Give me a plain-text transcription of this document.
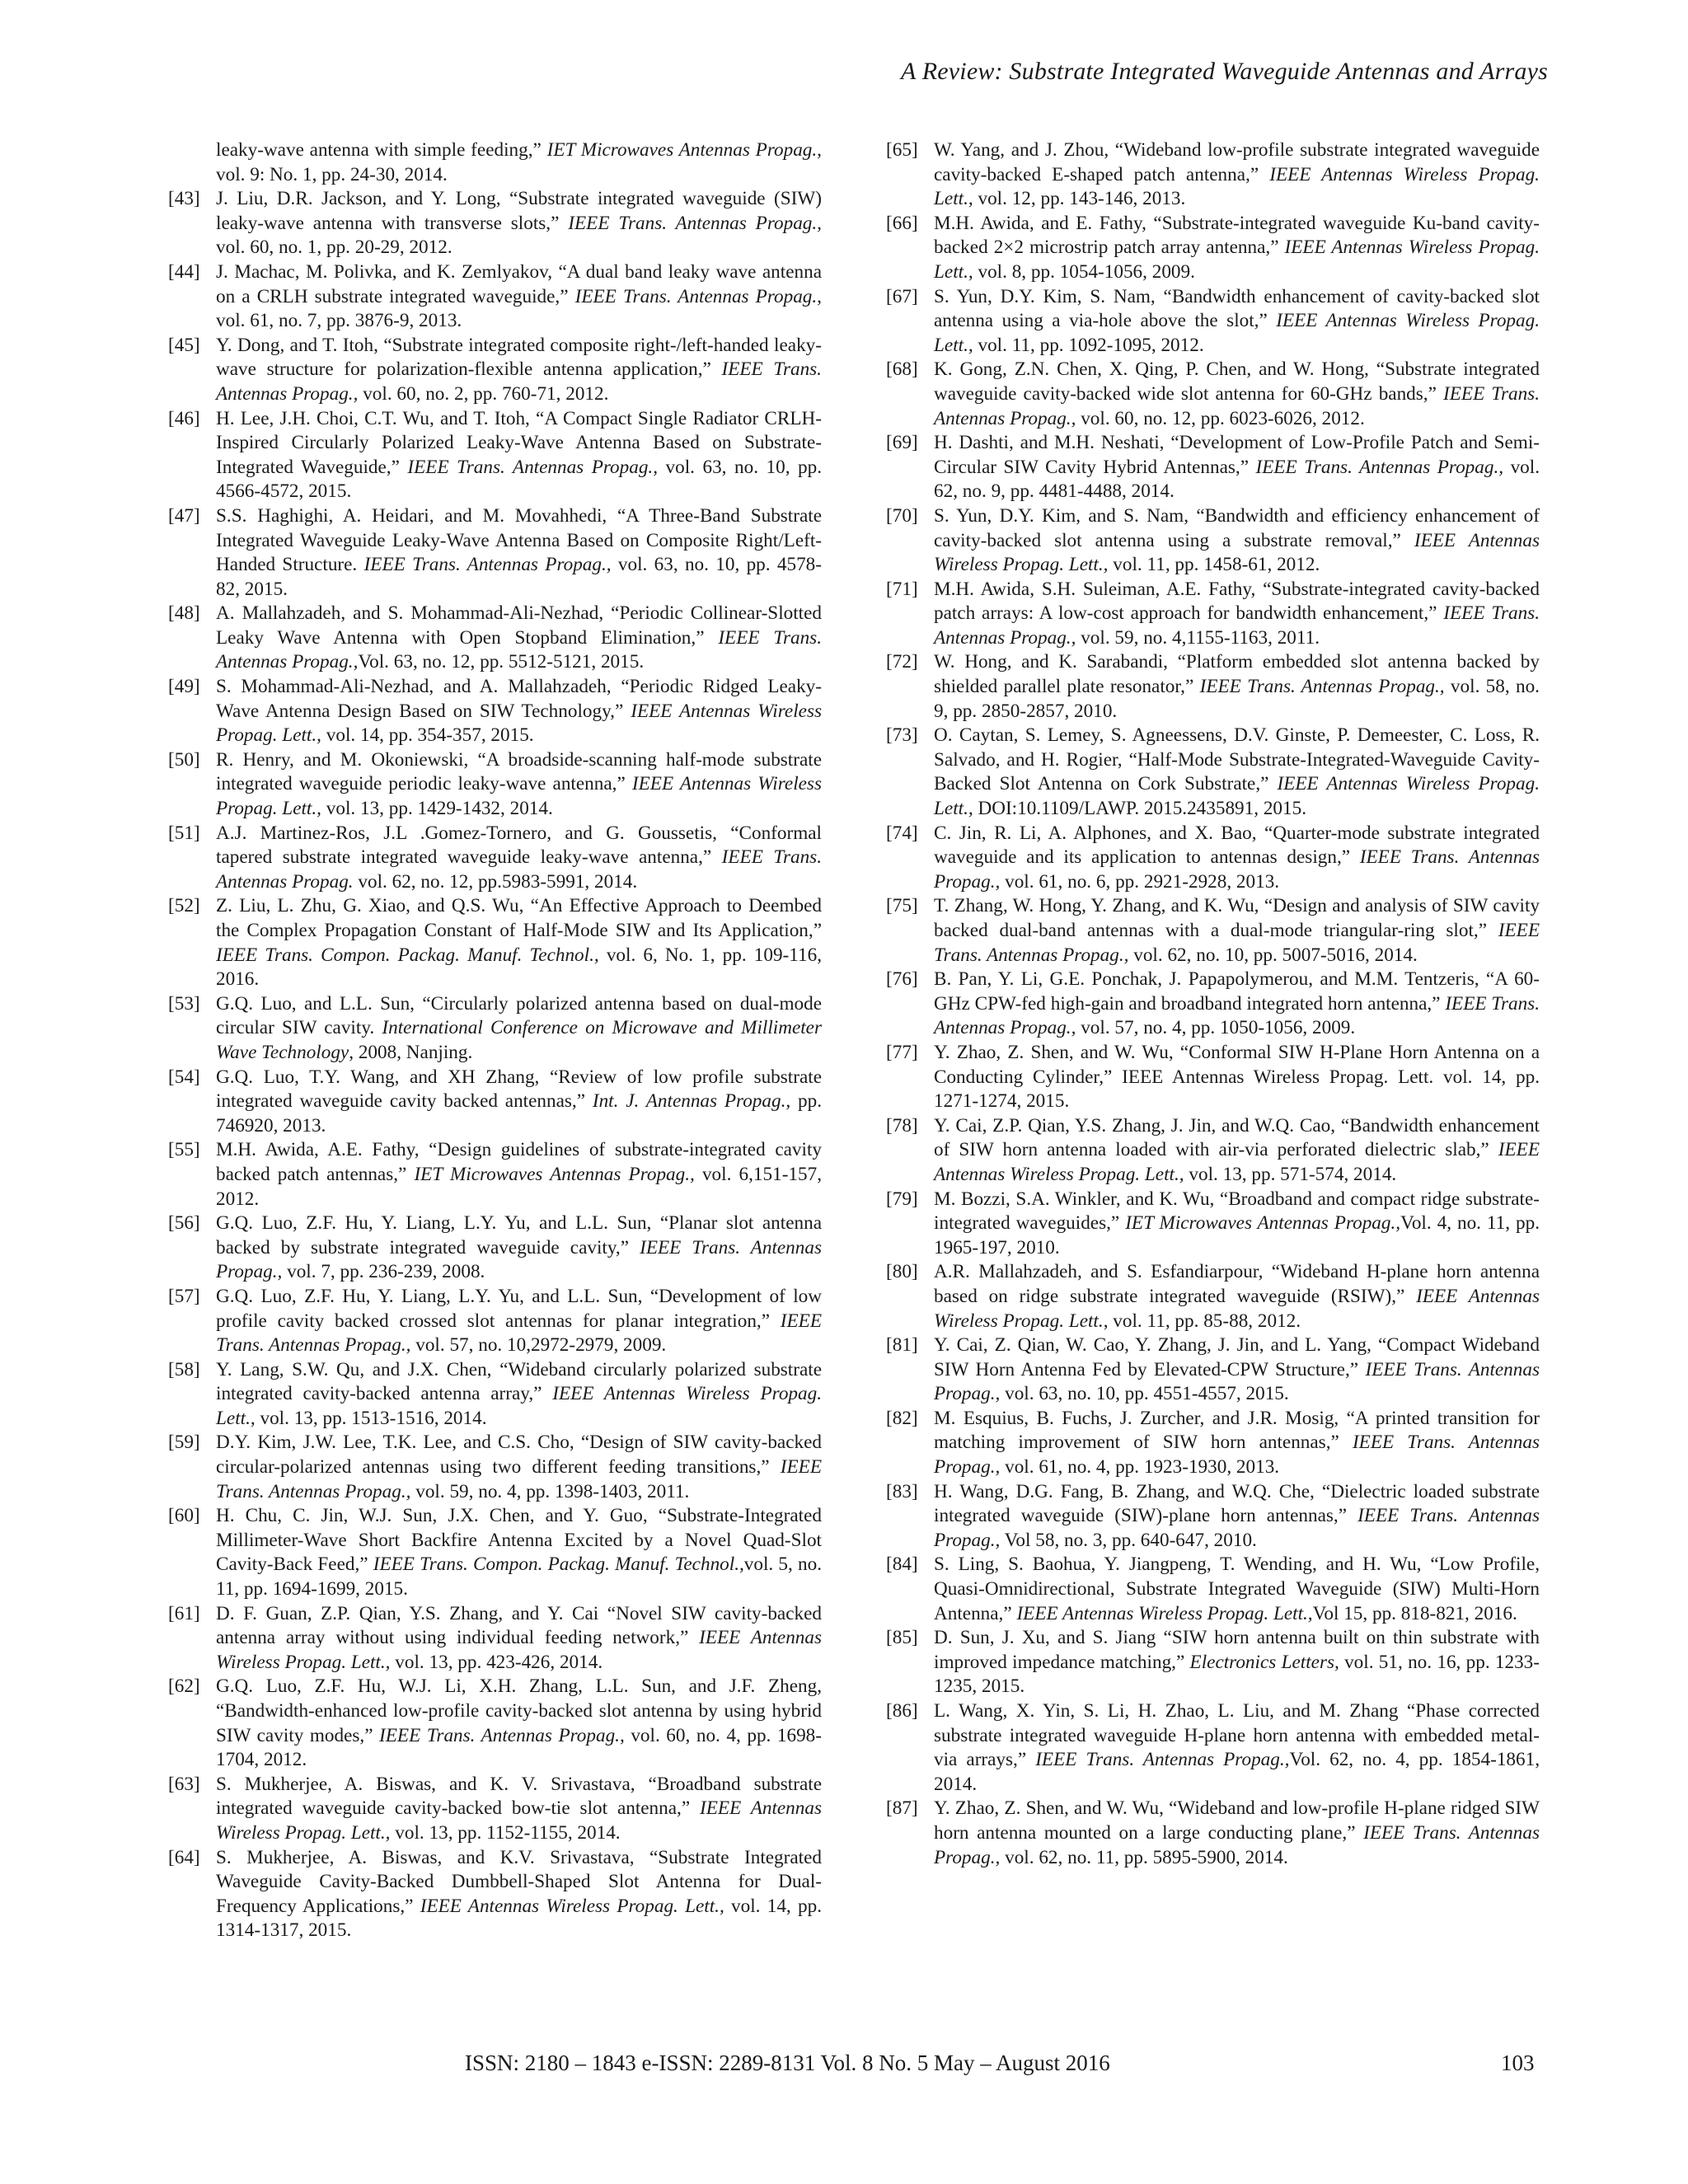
A Review: Substrate Integrated Waveguide Antennas and Arrays
leaky-wave antenna with simple feeding,” IET Microwaves Antennas Propag., vol. 9: No. 1, pp. 24-30, 2014.
[43] J. Liu, D.R. Jackson, and Y. Long, “Substrate integrated waveguide (SIW) leaky-wave antenna with transverse slots,” IEEE Trans. Antennas Propag., vol. 60, no. 1, pp. 20-29, 2012.
[44] J. Machac, M. Polivka, and K. Zemlyakov, “A dual band leaky wave antenna on a CRLH substrate integrated waveguide,” IEEE Trans. Antennas Propag., vol. 61, no. 7, pp. 3876-9, 2013.
[45] Y. Dong, and T. Itoh, “Substrate integrated composite right-/left-handed leaky-wave structure for polarization-flexible antenna application,” IEEE Trans. Antennas Propag., vol. 60, no. 2, pp. 760-71, 2012.
[46] H. Lee, J.H. Choi, C.T. Wu, and T. Itoh, “A Compact Single Radiator CRLH-Inspired Circularly Polarized Leaky-Wave Antenna Based on Substrate-Integrated Waveguide,” IEEE Trans. Antennas Propag., vol. 63, no. 10, pp. 4566-4572, 2015.
[47] S.S. Haghighi, A. Heidari, and M. Movahhedi, “A Three-Band Substrate Integrated Waveguide Leaky-Wave Antenna Based on Composite Right/Left-Handed Structure. IEEE Trans. Antennas Propag., vol. 63, no. 10, pp. 4578-82, 2015.
[48] A. Mallahzadeh, and S. Mohammad-Ali-Nezhad, “Periodic Collinear-Slotted Leaky Wave Antenna with Open Stopband Elimination,” IEEE Trans. Antennas Propag.,Vol. 63, no. 12, pp. 5512-5121, 2015.
[49] S. Mohammad-Ali-Nezhad, and A. Mallahzadeh, “Periodic Ridged Leaky-Wave Antenna Design Based on SIW Technology,” IEEE Antennas Wireless Propag. Lett., vol. 14, pp. 354-357, 2015.
[50] R. Henry, and M. Okoniewski, “A broadside-scanning half-mode substrate integrated waveguide periodic leaky-wave antenna,” IEEE Antennas Wireless Propag. Lett., vol. 13, pp. 1429-1432, 2014.
[51] A.J. Martinez-Ros, J.L .Gomez-Tornero, and G. Goussetis, “Conformal tapered substrate integrated waveguide leaky-wave antenna,” IEEE Trans. Antennas Propag. vol. 62, no. 12, pp.5983-5991, 2014.
[52] Z. Liu, L. Zhu, G. Xiao, and Q.S. Wu, “An Effective Approach to Deembed the Complex Propagation Constant of Half-Mode SIW and Its Application,” IEEE Trans. Compon. Packag. Manuf. Technol., vol. 6, No. 1, pp. 109-116, 2016.
[53] G.Q. Luo, and L.L. Sun, “Circularly polarized antenna based on dual-mode circular SIW cavity. International Conference on Microwave and Millimeter Wave Technology, 2008, Nanjing.
[54] G.Q. Luo, T.Y. Wang, and XH Zhang, “Review of low profile substrate integrated waveguide cavity backed antennas,” Int. J. Antennas Propag., pp. 746920, 2013.
[55] M.H. Awida, A.E. Fathy, “Design guidelines of substrate-integrated cavity backed patch antennas,” IET Microwaves Antennas Propag., vol. 6,151-157, 2012.
[56] G.Q. Luo, Z.F. Hu, Y. Liang, L.Y. Yu, and L.L. Sun, “Planar slot antenna backed by substrate integrated waveguide cavity,” IEEE Trans. Antennas Propag., vol. 7, pp. 236-239, 2008.
[57] G.Q. Luo, Z.F. Hu, Y. Liang, L.Y. Yu, and L.L. Sun, “Development of low profile cavity backed crossed slot antennas for planar integration,” IEEE Trans. Antennas Propag., vol. 57, no. 10,2972-2979, 2009.
[58] Y. Lang, S.W. Qu, and J.X. Chen, “Wideband circularly polarized substrate integrated cavity-backed antenna array,” IEEE Antennas Wireless Propag. Lett., vol. 13, pp. 1513-1516, 2014.
[59] D.Y. Kim, J.W. Lee, T.K. Lee, and C.S. Cho, “Design of SIW cavity-backed circular-polarized antennas using two different feeding transitions,” IEEE Trans. Antennas Propag., vol. 59, no. 4, pp. 1398-1403, 2011.
[60] H. Chu, C. Jin, W.J. Sun, J.X. Chen, and Y. Guo, “Substrate-Integrated Millimeter-Wave Short Backfire Antenna Excited by a Novel Quad-Slot Cavity-Back Feed,” IEEE Trans. Compon. Packag. Manuf. Technol.,vol. 5, no. 11, pp. 1694-1699, 2015.
[61] D. F. Guan, Z.P. Qian, Y.S. Zhang, and Y. Cai “Novel SIW cavity-backed antenna array without using individual feeding network,” IEEE Antennas Wireless Propag. Lett., vol. 13, pp. 423-426, 2014.
[62] G.Q. Luo, Z.F. Hu, W.J. Li, X.H. Zhang, L.L. Sun, and J.F. Zheng, “Bandwidth-enhanced low-profile cavity-backed slot antenna by using hybrid SIW cavity modes,” IEEE Trans. Antennas Propag., vol. 60, no. 4, pp. 1698-1704, 2012.
[63] S. Mukherjee, A. Biswas, and K. V. Srivastava, “Broadband substrate integrated waveguide cavity-backed bow-tie slot antenna,” IEEE Antennas Wireless Propag. Lett., vol. 13, pp. 1152-1155, 2014.
[64] S. Mukherjee, A. Biswas, and K.V. Srivastava, “Substrate Integrated Waveguide Cavity-Backed Dumbbell-Shaped Slot Antenna for Dual-Frequency Applications,” IEEE Antennas Wireless Propag. Lett., vol. 14, pp. 1314-1317, 2015.
[65] W. Yang, and J. Zhou, “Wideband low-profile substrate integrated waveguide cavity-backed E-shaped patch antenna,” IEEE Antennas Wireless Propag. Lett., vol. 12, pp. 143-146, 2013.
[66] M.H. Awida, and E. Fathy, “Substrate-integrated waveguide Ku-band cavity-backed 2×2 microstrip patch array antenna,” IEEE Antennas Wireless Propag. Lett., vol. 8, pp. 1054-1056, 2009.
[67] S. Yun, D.Y. Kim, S. Nam, “Bandwidth enhancement of cavity-backed slot antenna using a via-hole above the slot,” IEEE Antennas Wireless Propag. Lett., vol. 11, pp. 1092-1095, 2012.
[68] K. Gong, Z.N. Chen, X. Qing, P. Chen, and W. Hong, “Substrate integrated waveguide cavity-backed wide slot antenna for 60-GHz bands,” IEEE Trans. Antennas Propag., vol. 60, no. 12, pp. 6023-6026, 2012.
[69] H. Dashti, and M.H. Neshati, “Development of Low-Profile Patch and Semi-Circular SIW Cavity Hybrid Antennas,” IEEE Trans. Antennas Propag., vol. 62, no. 9, pp. 4481-4488, 2014.
[70] S. Yun, D.Y. Kim, and S. Nam, “Bandwidth and efficiency enhancement of cavity-backed slot antenna using a substrate removal,” IEEE Antennas Wireless Propag. Lett., vol. 11, pp. 1458-61, 2012.
[71] M.H. Awida, S.H. Suleiman, A.E. Fathy, “Substrate-integrated cavity-backed patch arrays: A low-cost approach for bandwidth enhancement,” IEEE Trans. Antennas Propag., vol. 59, no. 4,1155-1163, 2011.
[72] W. Hong, and K. Sarabandi, “Platform embedded slot antenna backed by shielded parallel plate resonator,” IEEE Trans. Antennas Propag., vol. 58, no. 9, pp. 2850-2857, 2010.
[73] O. Caytan, S. Lemey, S. Agneessens, D.V. Ginste, P. Demeester, C. Loss, R. Salvado, and H. Rogier, “Half-Mode Substrate-Integrated-Waveguide Cavity-Backed Slot Antenna on Cork Substrate,” IEEE Antennas Wireless Propag. Lett., DOI:10.1109/LAWP. 2015.2435891, 2015.
[74] C. Jin, R. Li, A. Alphones, and X. Bao, “Quarter-mode substrate integrated waveguide and its application to antennas design,” IEEE Trans. Antennas Propag., vol. 61, no. 6, pp. 2921-2928, 2013.
[75] T. Zhang, W. Hong, Y. Zhang, and K. Wu, “Design and analysis of SIW cavity backed dual-band antennas with a dual-mode triangular-ring slot,” IEEE Trans. Antennas Propag., vol. 62, no. 10, pp. 5007-5016, 2014.
[76] B. Pan, Y. Li, G.E. Ponchak, J. Papapolymerou, and M.M. Tentzeris, “A 60-GHz CPW-fed high-gain and broadband integrated horn antenna,” IEEE Trans. Antennas Propag., vol. 57, no. 4, pp. 1050-1056, 2009.
[77] Y. Zhao, Z. Shen, and W. Wu, “Conformal SIW H-Plane Horn Antenna on a Conducting Cylinder,” IEEE Antennas Wireless Propag. Lett. vol. 14, pp. 1271-1274, 2015.
[78] Y. Cai, Z.P. Qian, Y.S. Zhang, J. Jin, and W.Q. Cao, “Bandwidth enhancement of SIW horn antenna loaded with air-via perforated dielectric slab,” IEEE Antennas Wireless Propag. Lett., vol. 13, pp. 571-574, 2014.
[79] M. Bozzi, S.A. Winkler, and K. Wu, “Broadband and compact ridge substrate-integrated waveguides,” IET Microwaves Antennas Propag.,Vol. 4, no. 11, pp. 1965-197, 2010.
[80] A.R. Mallahzadeh, and S. Esfandiarpour, “Wideband H-plane horn antenna based on ridge substrate integrated waveguide (RSIW),” IEEE Antennas Wireless Propag. Lett., vol. 11, pp. 85-88, 2012.
[81] Y. Cai, Z. Qian, W. Cao, Y. Zhang, J. Jin, and L. Yang, “Compact Wideband SIW Horn Antenna Fed by Elevated-CPW Structure,” IEEE Trans. Antennas Propag., vol. 63, no. 10, pp. 4551-4557, 2015.
[82] M. Esquius, B. Fuchs, J. Zurcher, and J.R. Mosig, “A printed transition for matching improvement of SIW horn antennas,” IEEE Trans. Antennas Propag., vol. 61, no. 4, pp. 1923-1930, 2013.
[83] H. Wang, D.G. Fang, B. Zhang, and W.Q. Che, “Dielectric loaded substrate integrated waveguide (SIW)-plane horn antennas,” IEEE Trans. Antennas Propag., Vol 58, no. 3, pp. 640-647, 2010.
[84] S. Ling, S. Baohua, Y. Jiangpeng, T. Wending, and H. Wu, “Low Profile, Quasi-Omnidirectional, Substrate Integrated Waveguide (SIW) Multi-Horn Antenna,” IEEE Antennas Wireless Propag. Lett.,Vol 15, pp. 818-821, 2016.
[85] D. Sun, J. Xu, and S. Jiang “SIW horn antenna built on thin substrate with improved impedance matching,” Electronics Letters, vol. 51, no. 16, pp. 1233-1235, 2015.
[86] L. Wang, X. Yin, S. Li, H. Zhao, L. Liu, and M. Zhang “Phase corrected substrate integrated waveguide H-plane horn antenna with embedded metal-via arrays,” IEEE Trans. Antennas Propag.,Vol. 62, no. 4, pp. 1854-1861, 2014.
[87] Y. Zhao, Z. Shen, and W. Wu, “Wideband and low-profile H-plane ridged SIW horn antenna mounted on a large conducting plane,” IEEE Trans. Antennas Propag., vol. 62, no. 11, pp. 5895-5900, 2014.
ISSN: 2180 – 1843 e-ISSN: 2289-8131 Vol. 8 No. 5 May – August 2016	103
